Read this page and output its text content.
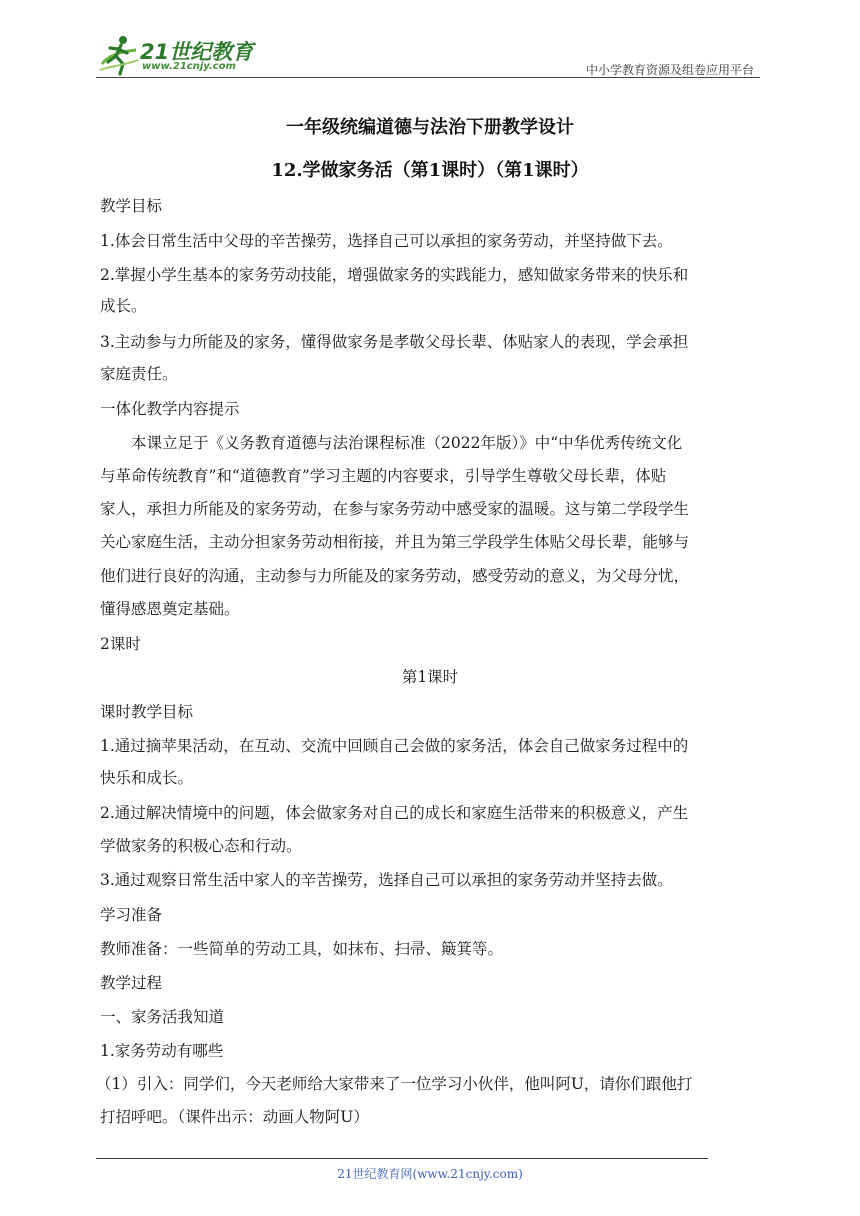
21世纪教育
www.21cnjy.com	中小学教育资源及组卷应用平台
一年级统编道德与法治下册教学设计
12.学做家务活（第1课时）（第1课时）
教学目标
1.体会日常生活中父母的辛苦操劳，选择自己可以承担的家务劳动，并坚持做下去。
2.掌握小学生基本的家务劳动技能，增强做家务的实践能力，感知做家务带来的快乐和
成长。
3.主动参与力所能及的家务，懂得做家务是孝敬父母长辈、体贴家人的表现，学会承担
家庭责任。
一体化教学内容提示
本课立足于《义务教育道德与法治课程标准（2022年版）》中“中华优秀传统文化
与革命传统教育”和“道德教育”学习主题的内容要求，引导学生尊敬父母长辈，体贴
家人，承担力所能及的家务劳动，在参与家务劳动中感受家的温暖。这与第二学段学生
关心家庭生活，主动分担家务劳动相衔接，并且为第三学段学生体贴父母长辈，能够与
他们进行良好的沟通，主动参与力所能及的家务劳动，感受劳动的意义，为父母分忧，
懂得感恩奠定基础。
2课时
第1课时
课时教学目标
1.通过摘苹果活动，在互动、交流中回顾自己会做的家务活，体会自己做家务过程中的
快乐和成长。
2.通过解决情境中的问题，体会做家务对自己的成长和家庭生活带来的积极意义，产生
学做家务的积极心态和行动。
3.通过观察日常生活中家人的辛苦操劳，选择自己可以承担的家务劳动并坚持去做。
学习准备
教师准备：一些简单的劳动工具，如抹布、扫帚、簸箕等。
教学过程
一、家务活我知道
1.家务劳动有哪些
（1）引入：同学们，今天老师给大家带来了一位学习小伙伴，他叫阿U，请你们跟他打
打招呼吧。（课件出示：动画人物阿U）
21世纪教育网(www.21cnjy.com)
